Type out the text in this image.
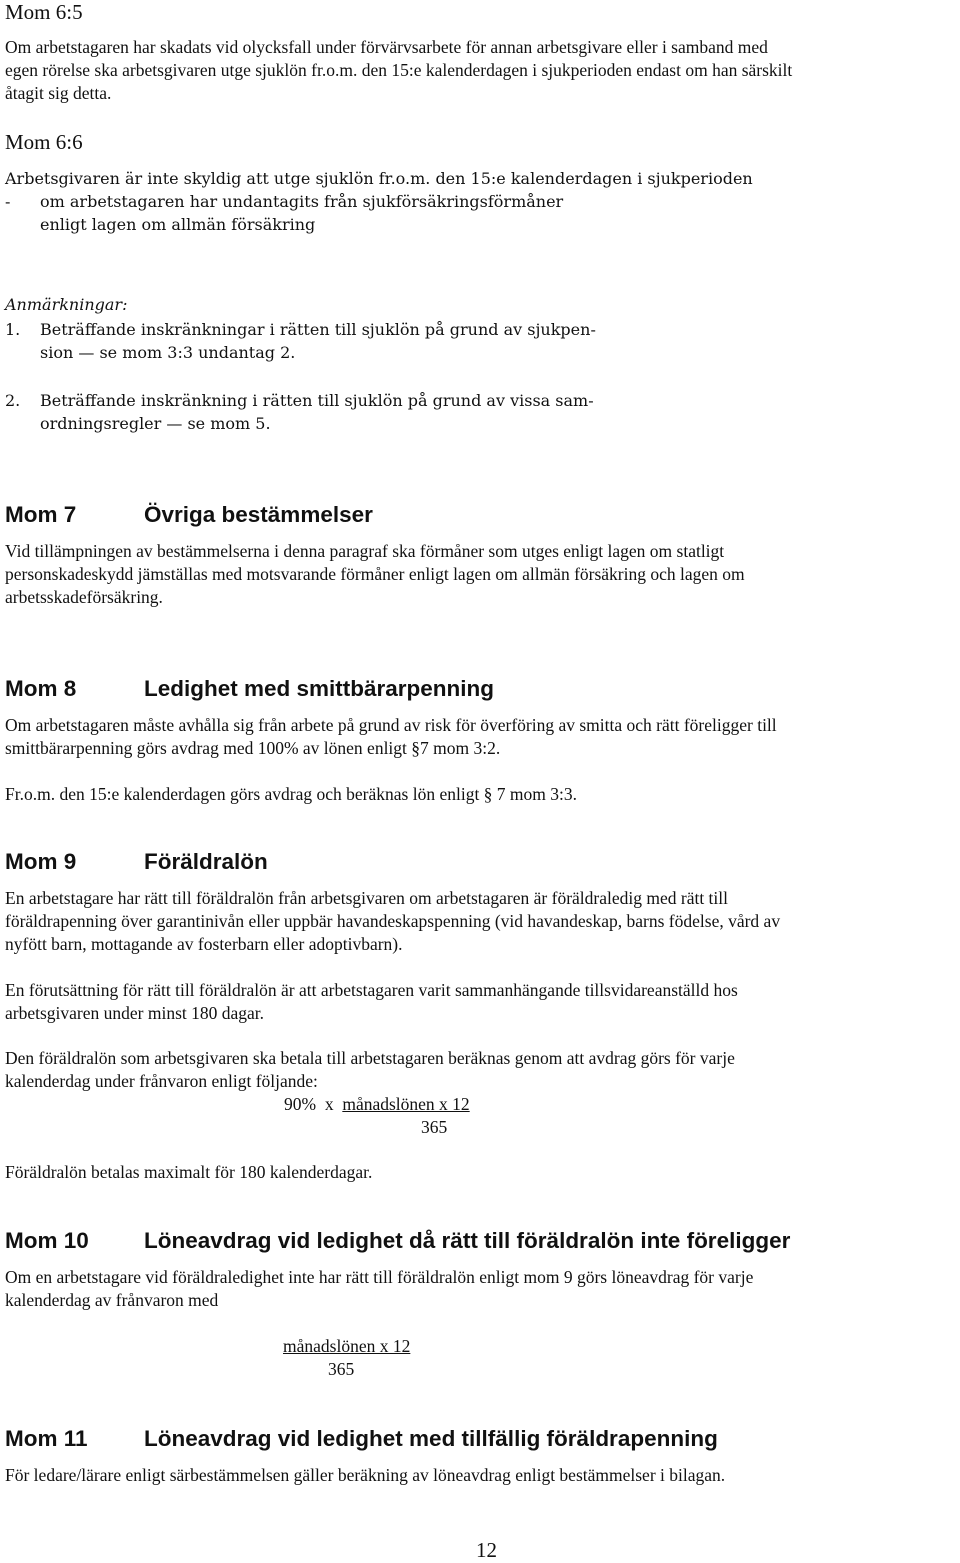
Mom 6:5
Om arbetstagaren har skadats vid olycksfall under förvärvsarbete för annan arbetsgivare eller i samband med
egen rörelse ska arbetsgivaren utge sjuklön fr.o.m. den 15:e kalenderdagen i sjukperioden endast om han särskilt
åtagit sig detta.
Mom 6:6
Arbetsgivaren är inte skyldig att utge sjuklön fr.o.m. den 15:e kalenderdagen i sjukperioden
- om arbetstagaren har undantagits från sjukförsäkringsförmåner
enligt lagen om allmän försäkring
Anmärkningar:
1. Beträffande inskränkningar i rätten till sjuklön på grund av sjukpen-
sion — se mom 3:3 undantag 2.
2. Beträffande inskränkning i rätten till sjuklön på grund av vissa sam-
ordningsregler — se mom 5.
Mom 7	Övriga bestämmelser
Vid tillämpningen av bestämmelserna i denna paragraf ska förmåner som utges enligt lagen om statligt
personskadeskydd jämställas med motsvarande förmåner enligt lagen om allmän försäkring och lagen om
arbetsskadeförsäkring.
Mom 8	Ledighet med smittbärarpenning
Om arbetstagaren måste avhålla sig från arbete på grund av risk för överföring av smitta och rätt föreligger till
smittbärarpenning görs avdrag med 100% av lönen enligt §7 mom 3:2.
Fr.o.m. den 15:e kalenderdagen görs avdrag och beräknas lön enligt § 7 mom 3:3.
Mom 9	Föräldralön
En arbetstagare har rätt till föräldralön från arbetsgivaren om arbetstagaren är föräldraledig med rätt till
föräldrapenning över garantinivån eller uppbär havandeskapspenning (vid havandeskap, barns födelse, vård av
nyfött barn, mottagande av fosterbarn eller adoptivbarn).
En förutsättning för rätt till föräldralön är att arbetstagaren varit sammanhängande tillsvidareanställd hos
arbetsgivaren under minst 180 dagar.
Den föräldralön som arbetsgivaren ska betala till arbetstagaren beräknas genom att avdrag görs för varje
kalenderdag under frånvaron enligt följande:
90%  x  månadslönen x 12
365
Föräldralön betalas maximalt för 180 kalenderdagar.
Mom 10 Löneavdrag vid ledighet då rätt till föräldralön inte föreligger
Om en arbetstagare vid föräldraledighet inte har rätt till föräldralön enligt mom 9 görs löneavdrag för varje
kalenderdag av frånvaron med
månadslönen x 12
365
Mom 11	Löneavdrag vid ledighet med tillfällig föräldrapenning
För ledare/lärare enligt särbestämmelsen gäller beräkning av löneavdrag enligt bestämmelser i bilagan.
12
